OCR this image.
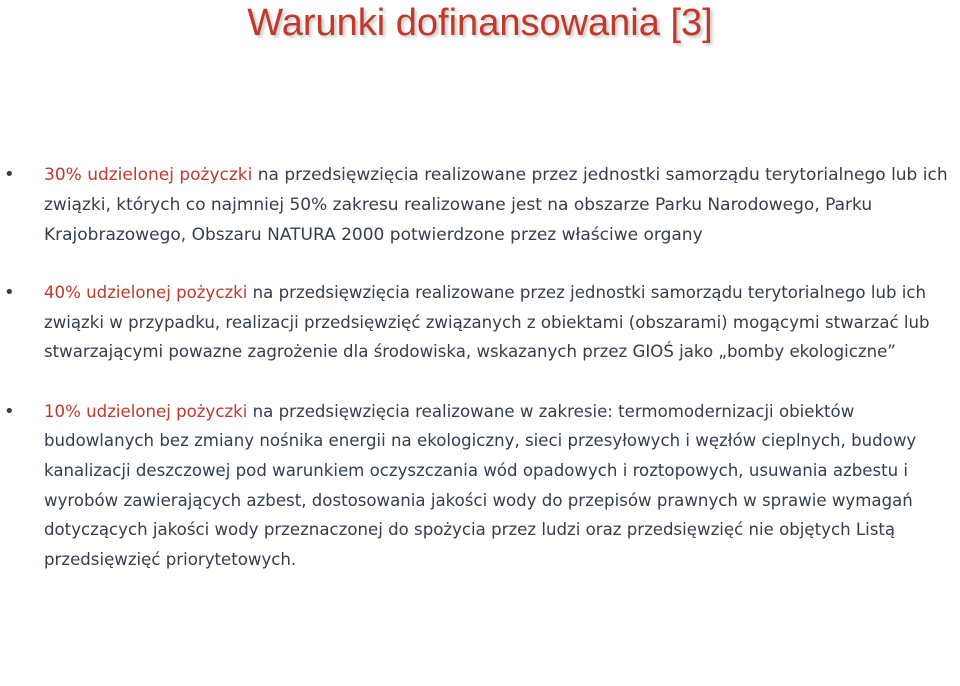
Warunki dofinansowania [3]
• 30% udzielonej pożyczki na przedsięwzięcia realizowane przez jednostki samorządu terytorialnego lub ich związki, których co najmniej 50% zakresu realizowane jest na obszarze Parku Narodowego, Parku Krajobrazowego, Obszaru NATURA 2000 potwierdzone przez właściwe organy
• 40% udzielonej pożyczki na przedsięwzięcia realizowane przez jednostki samorządu terytorialnego lub ich związki w przypadku, realizacji przedsięwzięć związanych z obiektami (obszarami) mogącymi stwarzać lub stwarzającymi powazne zagrożenie dla środowiska, wskazanych przez GIOŚ jako „bomby ekologiczne”
• 10% udzielonej pożyczki na przedsięwzięcia realizowane w zakresie: termomodernizacji obiektów budowlanych bez zmiany nośnika energii na ekologiczny, sieci przesyłowych i węzłów cieplnych, budowy kanalizacji deszczowej pod warunkiem oczyszczania wód opadowych i roztopowych, usuwania azbestu i wyrobów zawierających azbest, dostosowania jakości wody do przepisów prawnych w sprawie wymagań dotyczących jakości wody przeznaczonej do spożycia przez ludzi oraz przedsięwzięć nie objętych Listą przedsięwzięć priorytetowych.
